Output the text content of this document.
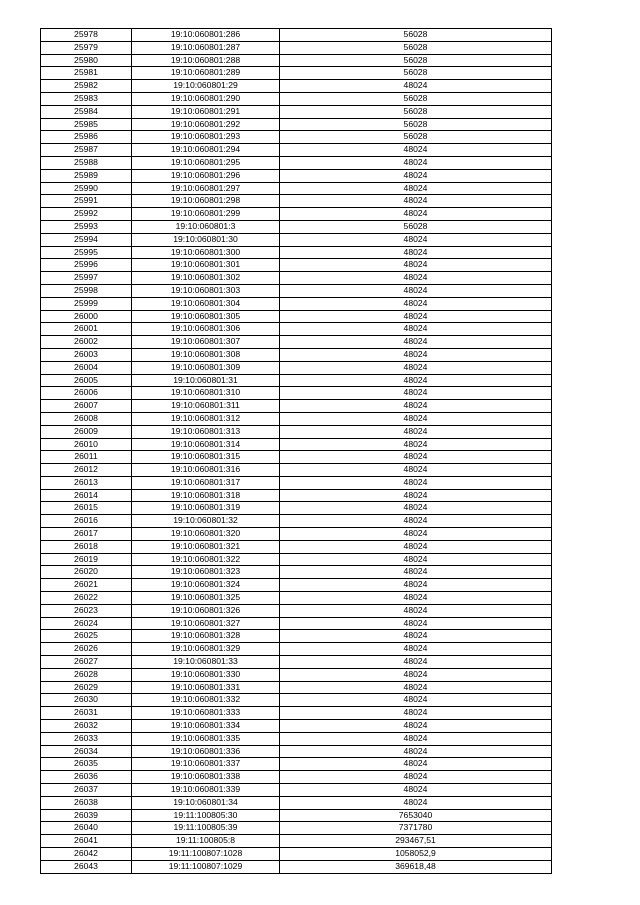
25978	19:10:060801:286	56028
25979	19:10:060801:287	56028
25980	19:10:060801:288	56028
25981	19:10:060801:289	56028
25982	19:10:060801:29	48024
25983	19:10:060801:290	56028
25984	19:10:060801:291	56028
25985	19:10:060801:292	56028
25986	19:10:060801:293	56028
25987	19:10:060801:294	48024
25988	19:10:060801:295	48024
25989	19:10:060801:296	48024
25990	19:10:060801:297	48024
25991	19:10:060801:298	48024
25992	19:10:060801:299	48024
25993	19:10:060801:3	56028
25994	19:10:060801:30	48024
25995	19:10:060801:300	48024
25996	19:10:060801:301	48024
25997	19:10:060801:302	48024
25998	19:10:060801:303	48024
25999	19:10:060801:304	48024
26000	19:10:060801:305	48024
26001	19:10:060801:306	48024
26002	19:10:060801:307	48024
26003	19:10:060801:308	48024
26004	19:10:060801:309	48024
26005	19:10:060801:31	48024
26006	19:10:060801:310	48024
26007	19:10:060801:311	48024
26008	19:10:060801:312	48024
26009	19:10:060801:313	48024
26010	19:10:060801:314	48024
26011	19:10:060801:315	48024
26012	19:10:060801:316	48024
26013	19:10:060801:317	48024
26014	19:10:060801:318	48024
26015	19:10:060801:319	48024
26016	19:10:060801:32	48024
26017	19:10:060801:320	48024
26018	19:10:060801:321	48024
26019	19:10:060801:322	48024
26020	19:10:060801:323	48024
26021	19:10:060801:324	48024
26022	19:10:060801:325	48024
26023	19:10:060801:326	48024
26024	19:10:060801:327	48024
26025	19:10:060801:328	48024
26026	19:10:060801:329	48024
26027	19:10:060801:33	48024
26028	19:10:060801:330	48024
26029	19:10:060801:331	48024
26030	19:10:060801:332	48024
26031	19:10:060801:333	48024
26032	19:10:060801:334	48024
26033	19:10:060801:335	48024
26034	19:10:060801:336	48024
26035	19:10:060801:337	48024
26036	19:10:060801:338	48024
26037	19:10:060801:339	48024
26038	19:10:060801:34	48024
26039	19:11:100805:30	7653040
26040	19:11:100805:39	7371780
26041	19:11:100805:8	293467,51
26042	19:11:100807:1028	1058052,9
26043	19:11:100807:1029	369618,48
